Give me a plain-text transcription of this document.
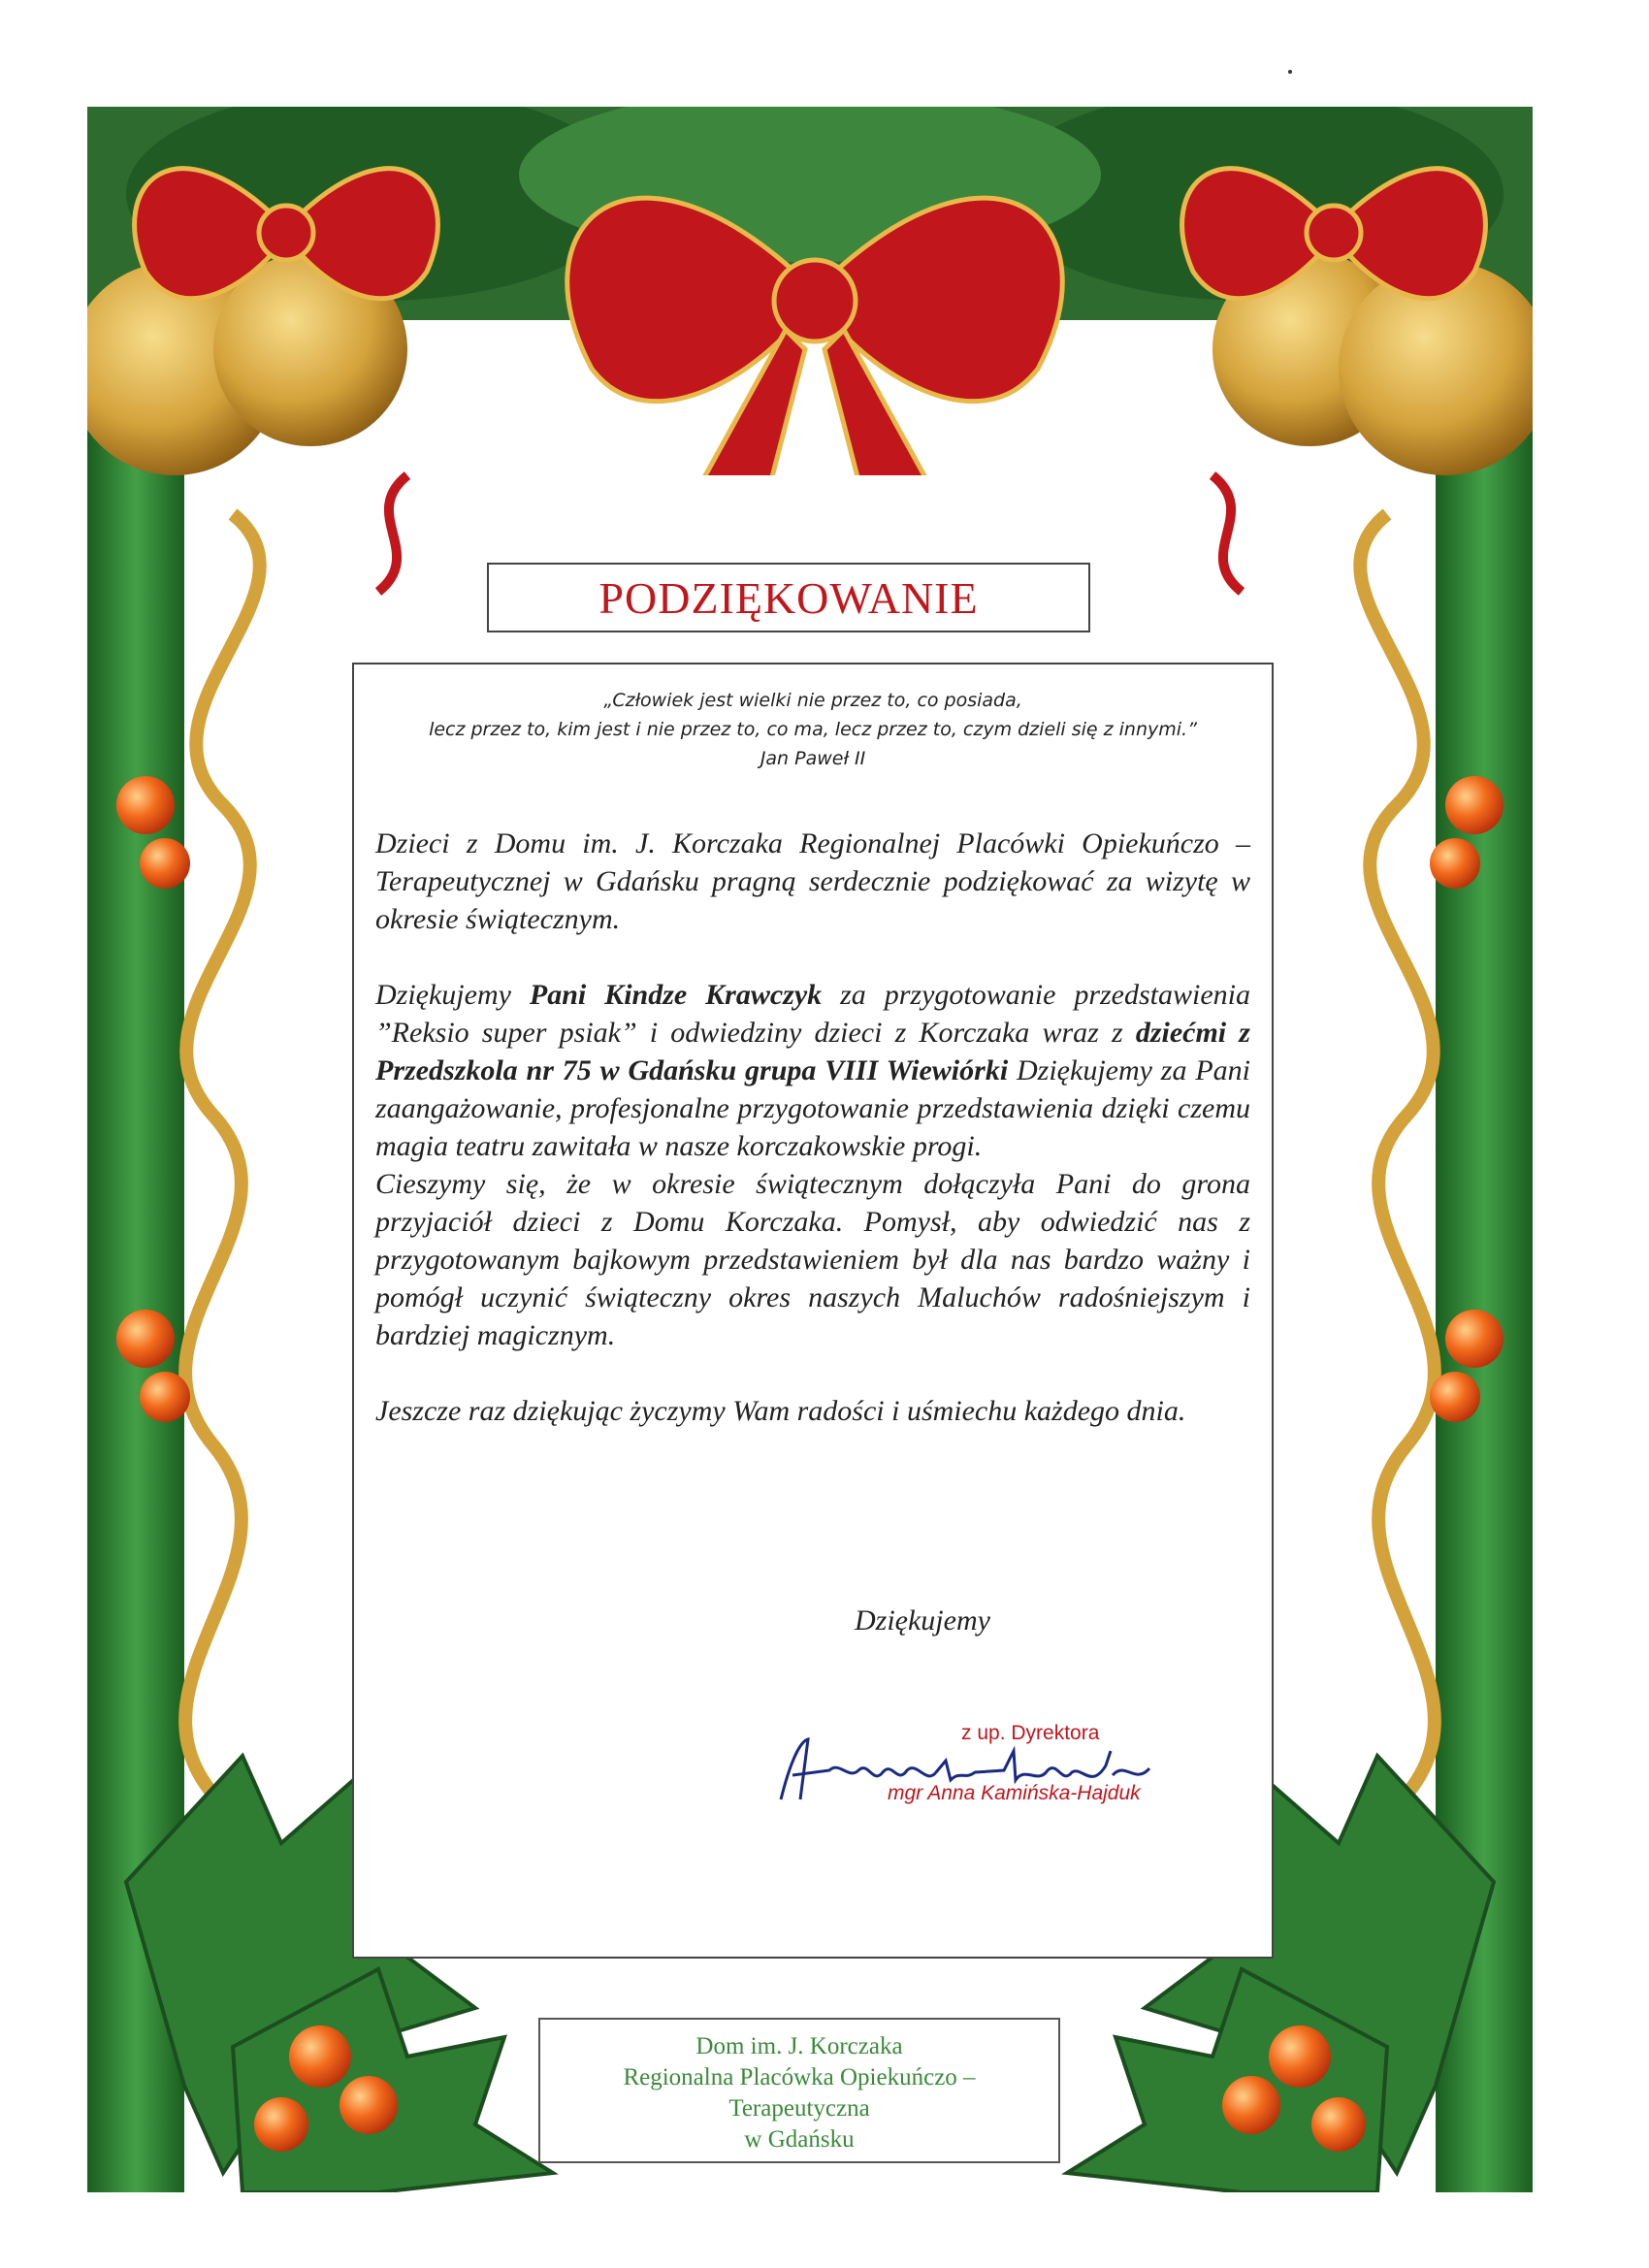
PODZIĘKOWANIE
„Człowiek jest wielki nie przez to, co posiada,
lecz przez to, kim jest i nie przez to, co ma, lecz przez to, czym dzieli się z innymi.”
Jan Paweł II

Dzieci z Domu im. J. Korczaka Regionalnej Placówki Opiekuńczo – Terapeutycznej w Gdańsku pragną serdecznie podziękować za wizytę w okresie świątecznym.

Dziękujemy Pani Kindze Krawczyk za przygotowanie przedstawienia ”Reksio super psiak” i odwiedziny dzieci z Korczaka wraz z dziećmi z Przedszkola nr 75 w Gdańsku grupa VIII Wiewiórki Dziękujemy za Pani zaangażowanie, profesjonalne przygotowanie przedstawienia dzięki czemu magia teatru zawitała w nasze korczakowskie progi.

Cieszymy się, że w okresie świątecznym dołączyła Pani do grona przyjaciół dzieci z Domu Korczaka. Pomysł, aby odwiedzić nas z przygotowanym bajkowym przedstawieniem był dla nas bardzo ważny i pomógł uczynić świąteczny okres naszych Maluchów radośniejszym i bardziej magicznym.

Jeszcze raz dziękując życzymy Wam radości i uśmiechu każdego dnia.

Dziękujemy
z up. Dyrektora
mgr Anna Kamińska-Hajduk
Dom im. J. Korczaka
Regionalna Placówka Opiekuńczo –
Terapeutyczna
w Gdańsku
